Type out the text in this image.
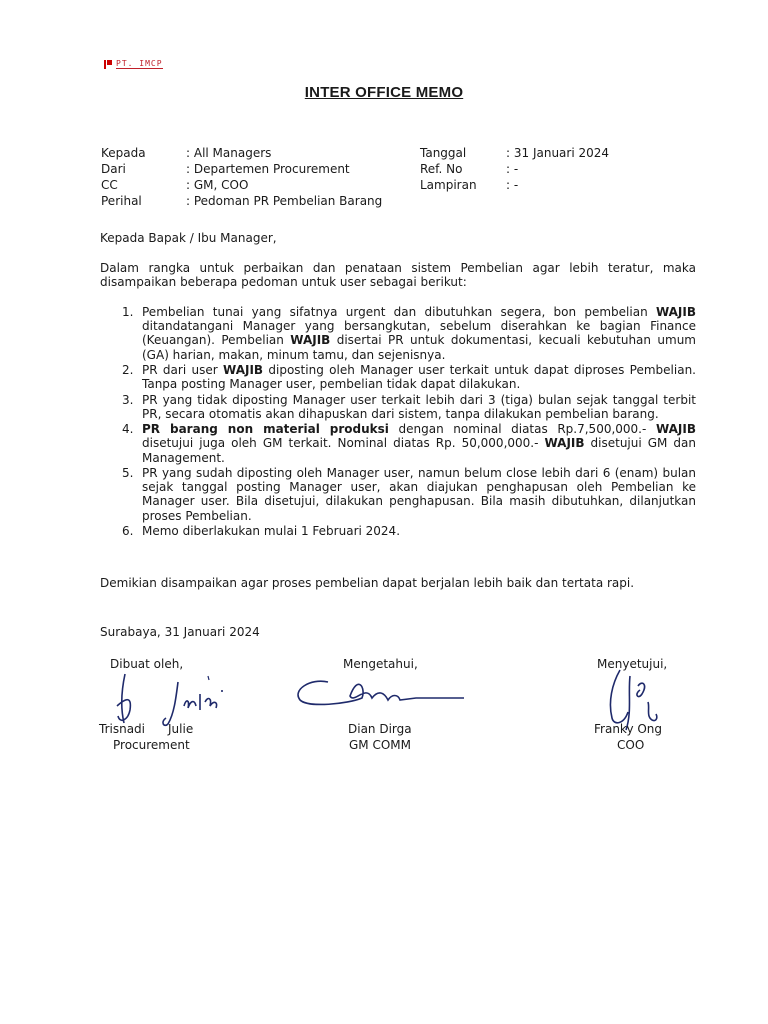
PT. IMCP
INTER OFFICE MEMO
Kepada	: All Managers
Dari	: Departemen Procurement
CC	: GM, COO
Perihal	: Pedoman PR Pembelian Barang
Tanggal	: 31 Januari 2024
Ref. No	: -
Lampiran : -
Kepada Bapak / Ibu Manager,
Dalam rangka untuk perbaikan dan penataan sistem Pembelian agar lebih teratur, maka disampaikan beberapa pedoman untuk user sebagai berikut:
1. Pembelian tunai yang sifatnya urgent dan dibutuhkan segera, bon pembelian WAJIB ditandatangani Manager yang bersangkutan, sebelum diserahkan ke bagian Finance (Keuangan). Pembelian WAJIB disertai PR untuk dokumentasi, kecuali kebutuhan umum (GA) harian, makan, minum tamu, dan sejenisnya.
2. PR dari user WAJIB diposting oleh Manager user terkait untuk dapat diproses Pembelian. Tanpa posting Manager user, pembelian tidak dapat dilakukan.
3. PR yang tidak diposting Manager user terkait lebih dari 3 (tiga) bulan sejak tanggal terbit PR, secara otomatis akan dihapuskan dari sistem, tanpa dilakukan pembelian barang.
4. PR barang non material produksi dengan nominal diatas Rp.7,500,000.- WAJIB disetujui juga oleh GM terkait. Nominal diatas Rp. 50,000,000.- WAJIB disetujui GM dan Management.
5. PR yang sudah diposting oleh Manager user, namun belum close lebih dari 6 (enam) bulan sejak tanggal posting Manager user, akan diajukan penghapusan oleh Pembelian ke Manager user. Bila disetujui, dilakukan penghapusan. Bila masih dibutuhkan, dilanjutkan proses Pembelian.
6. Memo diberlakukan mulai 1 Februari 2024.
Demikian disampaikan agar proses pembelian dapat berjalan lebih baik dan tertata rapi.
Surabaya, 31 Januari 2024
Dibuat oleh,	Mengetahui,	Menyetujui,
Trisnadi Julie
Procurement
Dian Dirga
GM COMM
Franky Ong
COO
